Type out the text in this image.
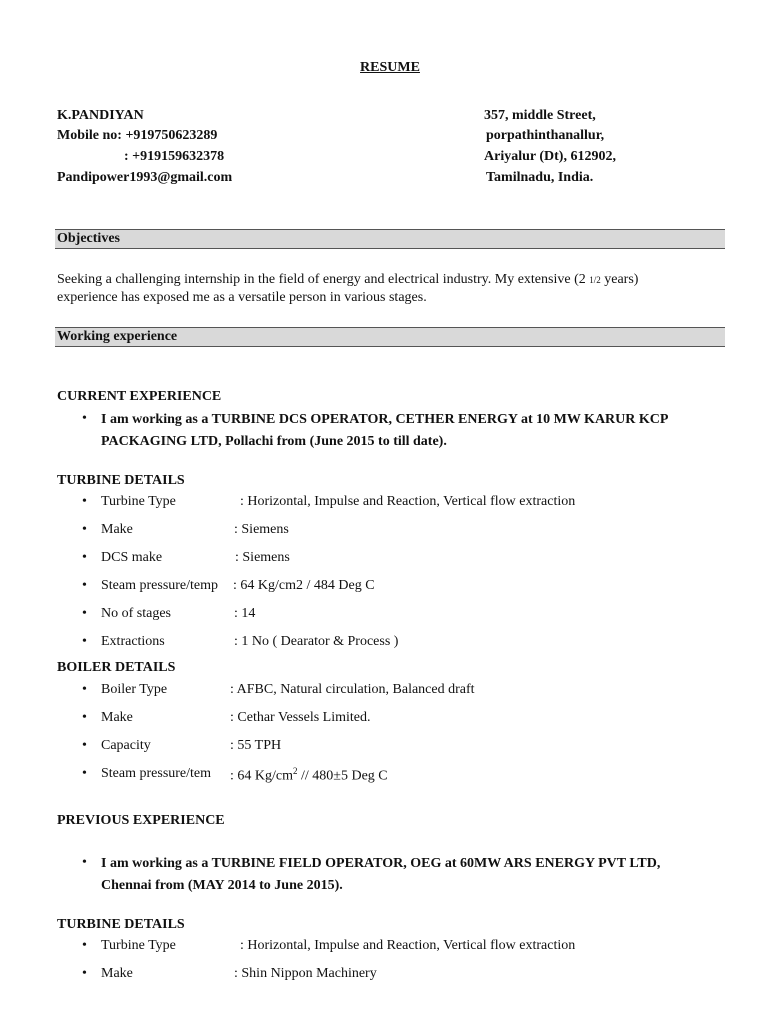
RESUME
K.PANDIYAN
Mobile no: +919750623289
: +919159632378
Pandipower1993@gmail.com
357, middle Street,
porpathinthanallur,
Ariyalur (Dt), 612902,
Tamilnadu, India.
Objectives
Seeking a challenging internship in the field of energy and electrical industry. My extensive (2 1/2 years)
experience has exposed me as a versatile person in various stages.
Working experience
CURRENT EXPERIENCE
• I am working as a TURBINE DCS OPERATOR, CETHER ENERGY at 10 MW KARUR KCP
PACKAGING LTD, Pollachi from (June 2015 to till date).
TURBINE DETAILS
• Turbine Type	: Horizontal, Impulse and Reaction, Vertical flow extraction
• Make	: Siemens
• DCS make	: Siemens
• Steam pressure/temp : 64 Kg/cm2 / 484 Deg C
• No of stages	: 14
• Extractions	: 1 No ( Dearator & Process )
BOILER DETAILS
• Boiler Type	: AFBC, Natural circulation, Balanced draft
• Make	: Cethar Vessels Limited.
• Capacity	: 55 TPH
• Steam pressure/tem : 64 $Kg/cm^2 // 480\pm 5$ Deg C
PREVIOUS EXPERIENCE
• I am working as a TURBINE FIELD OPERATOR, OEG at 60MW ARS ENERGY PVT LTD,
Chennai from (MAY 2014 to June 2015).
TURBINE DETAILS
• Turbine Type	: Horizontal, Impulse and Reaction, Vertical flow extraction
• Make	: Shin Nippon Machinery
